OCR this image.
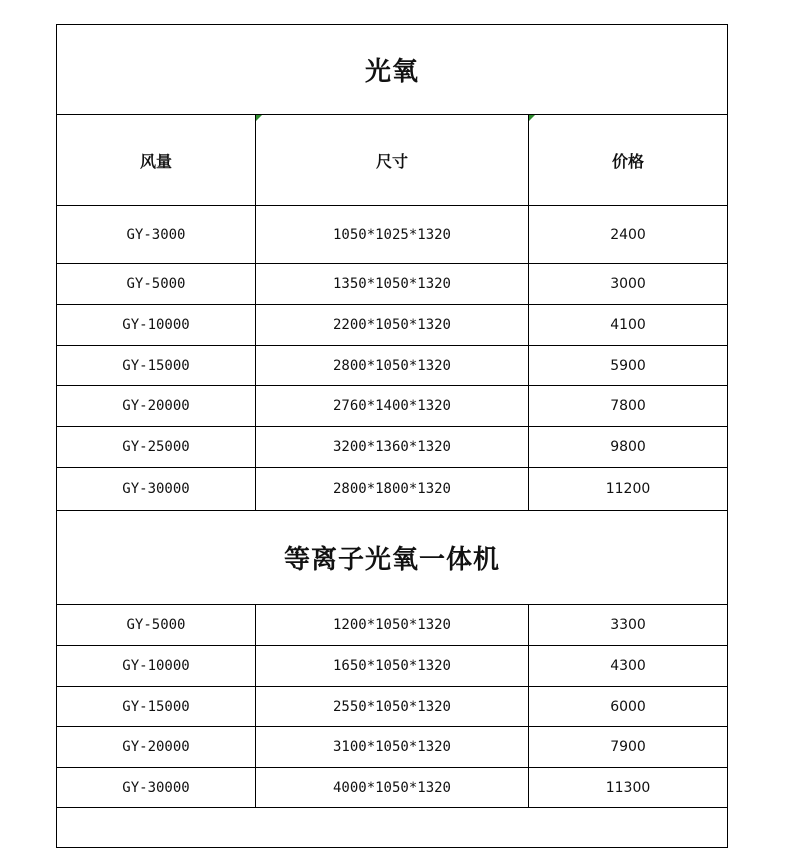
光氧		
风量	尺寸	价格
GY-3000	1050*1025*1320	2400
GY-5000	1350*1050*1320	3000
GY-10000	2200*1050*1320	4100
GY-15000	2800*1050*1320	5900
GY-20000	2760*1400*1320	7800
GY-25000	3200*1360*1320	9800
GY-30000	2800*1800*1320	11200
等离子光氧一体机		
GY-5000	1200*1050*1320	3300
GY-10000	1650*1050*1320	4300
GY-15000	2550*1050*1320	6000
GY-20000	3100*1050*1320	7900
GY-30000	4000*1050*1320	11300
